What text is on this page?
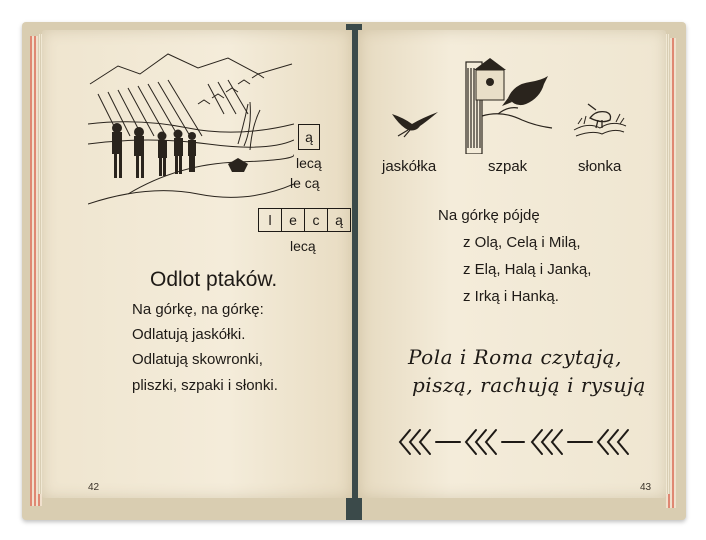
ą
lecą
le cą
l	e	c	ą
lecą
Odlot ptaków.
Na górkę, na górkę:
Odlatują jaskółki.
Odlatują skowronki,
pliszki, szpaki i słonki.
42
jaskółka	szpak	słonka
Na górkę pójdę
z Olą, Celą i Milą,
z Elą, Halą i Janką,
z Irką i Hanką.
Pola i Roma czytają,
piszą, rachują i rysują
43
